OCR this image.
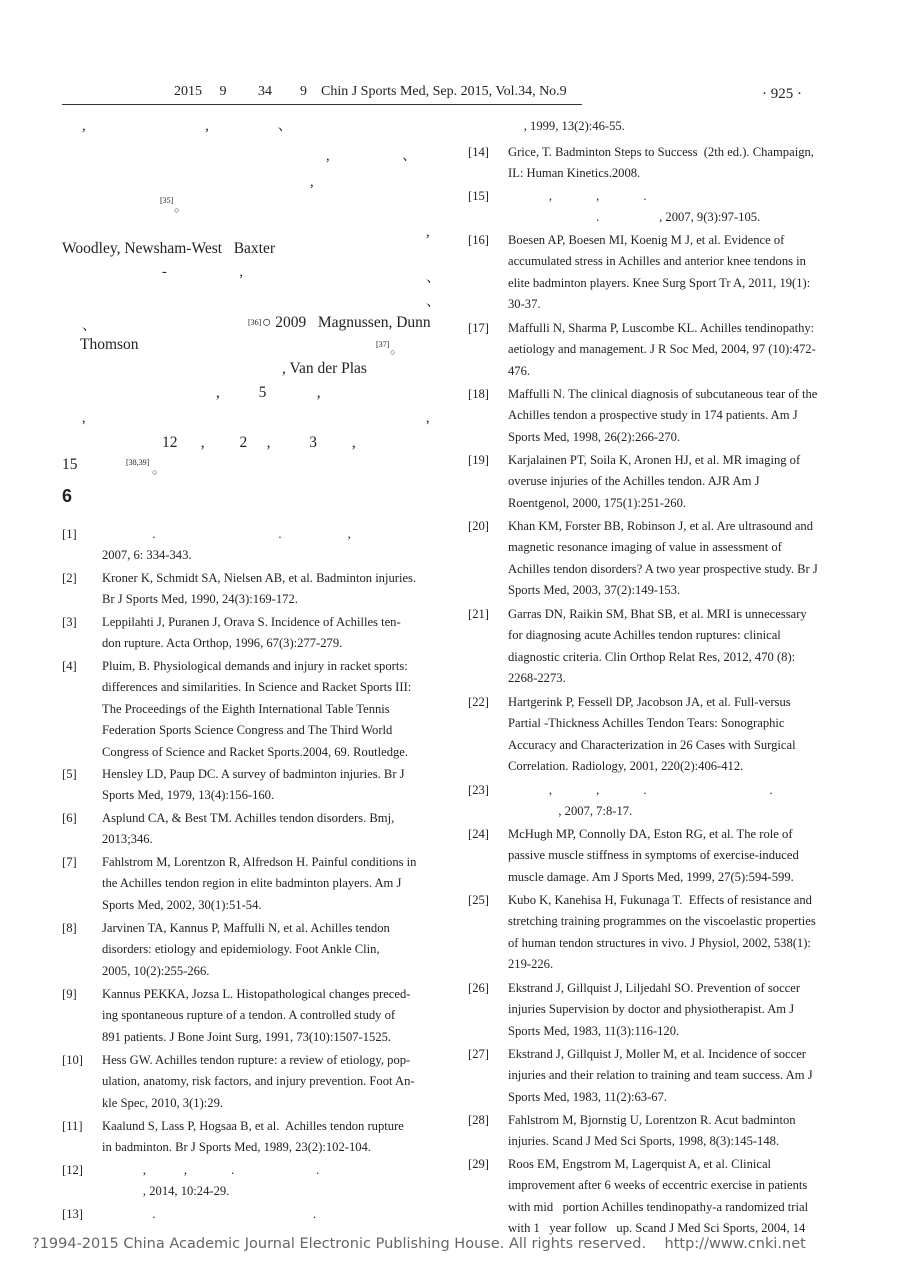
2015     9         34        9    Chin J Sports Med, Sep. 2015, Vol.34, No.9	· 925 ·
,                                 ,                   、
,                    、
,
[35]
○
,
Woodley, Newsham-West   Baxter
-                    ,	、
、
、	[36] ○ 2009   Magnussen, Dunn
Thomson	[37]
○
, Van der Plas
,          5             ,
,	,
12      ,         2     ,          3         ,
15	[38,39]
○
6
[1] .                                       .                     ,
2007, 6: 334-343.
[2] Kroner K, Schmidt SA, Nielsen AB, et al. Badminton injuries.
Br J Sports Med, 1990, 24(3):169-172.
[3] Leppilahti J, Puranen J, Orava S. Incidence of Achilles ten-
don rupture. Acta Orthop, 1996, 67(3):277-279.
[4] Pluim, B. Physiological demands and injury in racket sports:
differences and similarities. In Science and Racket Sports III:
The Proceedings of the Eighth International Table Tennis
Federation Sports Science Congress and The Third World
Congress of Science and Racket Sports.2004, 69. Routledge.
[5] Hensley LD, Paup DC. A survey of badminton injuries. Br J
Sports Med, 1979, 13(4):156-160.
[6] Asplund CA, & Best TM. Achilles tendon disorders. Bmj,
2013;346.
[7] Fahlstrom M, Lorentzon R, Alfredson H. Painful conditions in
the Achilles tendon region in elite badminton players. Am J
Sports Med, 2002, 30(1):51-54.
[8] Jarvinen TA, Kannus P, Maffulli N, et al. Achilles tendon
disorders: etiology and epidemiology. Foot Ankle Clin,
2005, 10(2):255-266.
[9] Kannus PEKKA, Jozsa L. Histopathological changes preced-
ing spontaneous rupture of a tendon. A controlled study of
891 patients. J Bone Joint Surg, 1991, 73(10):1507-1525.
[10] Hess GW. Achilles tendon rupture: a review of etiology, pop-
ulation, anatomy, risk factors, and injury prevention. Foot An-
kle Spec, 2010, 3(1):29.
[11] Kaalund S, Lass P, Hogsaa B, et al.  Achilles tendon rupture
in badminton. Br J Sports Med, 1989, 23(2):102-104.
[12] ,            ,              .                          .
, 2014, 10:24-29.
[13] .                                                  .
, 1999, 13(2):46-55.
[14] Grice, T. Badminton Steps to Success  (2th ed.). Champaign,
IL: Human Kinetics.2008.
[15] ,              ,              .
.                   , 2007, 9(3):97-105.
[16] Boesen AP, Boesen MI, Koenig M J, et al. Evidence of
accumulated stress in Achilles and anterior knee tendons in
elite badminton players. Knee Surg Sport Tr A, 2011, 19(1):
30-37.
[17] Maffulli N, Sharma P, Luscombe KL. Achilles tendinopathy:
aetiology and management. J R Soc Med, 2004, 97 (10):472-
476.
[18] Maffulli N. The clinical diagnosis of subcutaneous tear of the
Achilles tendon a prospective study in 174 patients. Am J
Sports Med, 1998, 26(2):266-270.
[19] Karjalainen PT, Soila K, Aronen HJ, et al. MR imaging of
overuse injuries of the Achilles tendon. AJR Am J
Roentgenol, 2000, 175(1):251-260.
[20] Khan KM, Forster BB, Robinson J, et al. Are ultrasound and
magnetic resonance imaging of value in assessment of
Achilles tendon disorders? A two year prospective study. Br J
Sports Med, 2003, 37(2):149-153.
[21] Garras DN, Raikin SM, Bhat SB, et al. MRI is unnecessary
for diagnosing acute Achilles tendon ruptures: clinical
diagnostic criteria. Clin Orthop Relat Res, 2012, 470 (8):
2268-2273.
[22] Hartgerink P, Fessell DP, Jacobson JA, et al. Full-versus
Partial -Thickness Achilles Tendon Tears: Sonographic
Accuracy and Characterization in 26 Cases with Surgical
Correlation. Radiology, 2001, 220(2):406-412.
[23] ,              ,              .                                       .
, 2007, 7:8-17.
[24] McHugh MP, Connolly DA, Eston RG, et al. The role of
passive muscle stiffness in symptoms of exercise-induced
muscle damage. Am J Sports Med, 1999, 27(5):594-599.
[25] Kubo K, Kanehisa H, Fukunaga T.  Effects of resistance and
stretching training programmes on the viscoelastic properties
of human tendon structures in vivo. J Physiol, 2002, 538(1):
219-226.
[26] Ekstrand J, Gillquist J, Liljedahl SO. Prevention of soccer
injuries Supervision by doctor and physiotherapist. Am J
Sports Med, 1983, 11(3):116-120.
[27] Ekstrand J, Gillquist J, Moller M, et al. Incidence of soccer
injuries and their relation to training and team success. Am J
Sports Med, 1983, 11(2):63-67.
[28] Fahlstrom M, Bjornstig U, Lorentzon R. Acut badminton
injuries. Scand J Med Sci Sports, 1998, 8(3):145-148.
[29] Roos EM, Engstrom M, Lagerquist A, et al. Clinical
improvement after 6 weeks of eccentric exercise in patients
with mid   portion Achilles tendinopathy-a randomized trial
with 1   year follow   up. Scand J Med Sci Sports, 2004, 14
?1994-2015 China Academic Journal Electronic Publishing House. All rights reserved.    http://www.cnki.net
